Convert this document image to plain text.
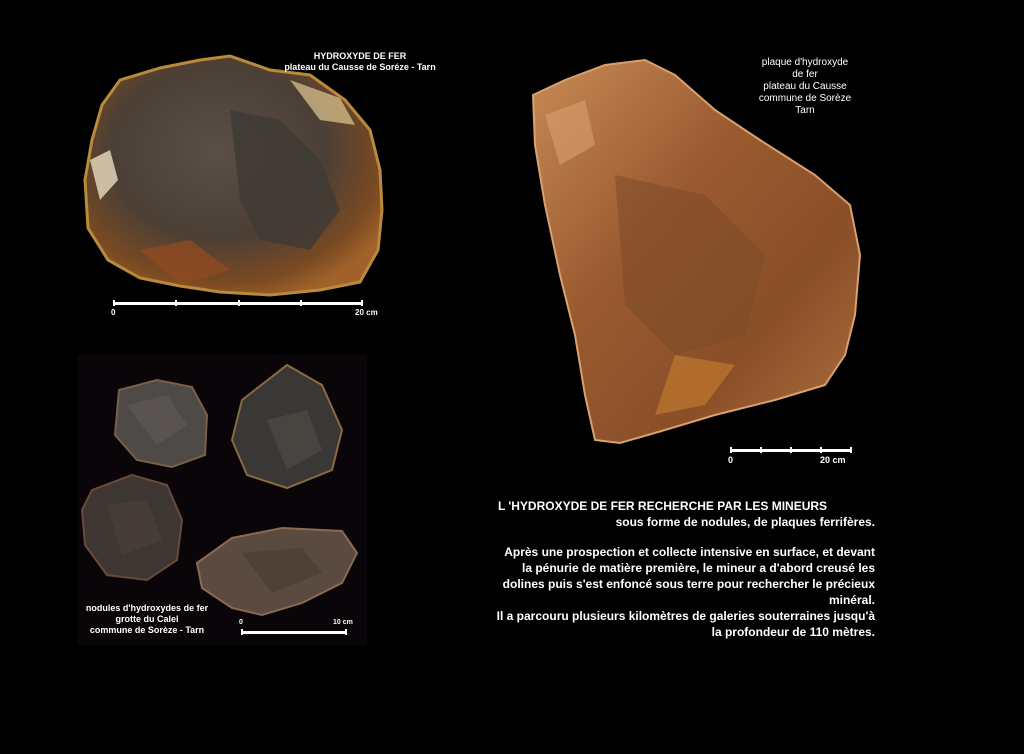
HYDROXYDE DE FER
plateau du Causse de Soréze - Tarn
0	20 cm
plaque d'hydroxyde
de fer
plateau du Causse
commune de Sorèze
Tarn
0	20 cm
nodules d'hydroxydes de fer
grotte du Calel
commune de Sorèze - Tarn
0	10 cm
L 'HYDROXYDE DE FER RECHERCHE PAR LES MINEURS
sous forme de nodules, de plaques ferrifères.
Après une prospection et collecte intensive en surface, et devant
la pénurie de matière première, le mineur a d'abord creusé les
dolines puis s'est enfoncé sous terre pour rechercher le précieux
minéral.
Il a parcouru plusieurs kilomètres de galeries souterraines jusqu'à
la profondeur de 110 mètres.
